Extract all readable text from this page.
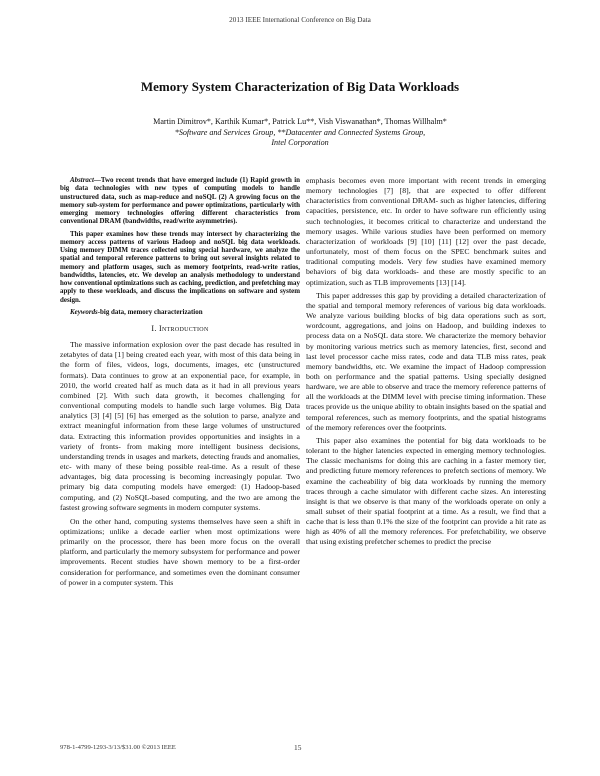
2013 IEEE International Conference on Big Data
Memory System Characterization of Big Data Workloads
Martin Dimitrov*, Karthik Kumar*, Patrick Lu**, Vish Viswanathan*, Thomas Willhalm*
*Software and Services Group, **Datacenter and Connected Systems Group,
Intel Corporation

Abstract—Two recent trends that have emerged include (1) Rapid growth in big data technologies with new types of computing models to handle unstructured data, such as map-reduce and noSQL (2) A growing focus on the memory sub-system for performance and power optimizations, particularly with emerging memory technologies offering different characteristics from conventional DRAM (bandwidths, read/write asymmetries).

This paper examines how these trends may intersect by characterizing the memory access patterns of various Hadoop and noSQL big data workloads. Using memory DIMM traces collected using special hardware, we analyze the spatial and temporal reference patterns to bring out several insights related to memory and platform usages, such as memory footprints, read-write ratios, bandwidths, latencies, etc. We develop an analysis methodology to understand how conventional optimizations such as caching, prediction, and prefetching may apply to these workloads, and discuss the implications on software and system design.

Keywords-big data, memory characterization

I. Introduction

The massive information explosion over the past decade has resulted in zetabytes of data [1] being created each year, with most of this data being in the form of files, videos, logs, documents, images, etc (unstructured formats). Data continues to grow at an exponential pace, for example, in 2010, the world created half as much data as it had in all previous years combined [2]. With such data growth, it becomes challenging for conventional computing models to handle such large volumes. Big Data analytics [3] [4] [5] [6] has emerged as the solution to parse, analyze and extract meaningful information from these large volumes of unstructured data. Extracting this information provides opportunities and insights in a variety of fronts- from making more intelligent business decisions, understanding trends in usages and markets, detecting frauds and anomalies, etc- with many of these being possible real-time. As a result of these advantages, big data processing is becoming increasingly popular. Two primary big data computing models have emerged: (1) Hadoop-based computing, and (2) NoSQL-based computing, and the two are among the fastest growing software segments in modern computer systems.

On the other hand, computing systems themselves have seen a shift in optimizations; unlike a decade earlier when most optimizations were primarily on the processor, there has been more focus on the overall platform, and particularly the memory subsystem for performance and power improvements. Recent studies have shown memory to be a first-order consideration for performance, and sometimes even the dominant consumer of power in a computer system. This

emphasis becomes even more important with recent trends in emerging memory technologies [7] [8], that are expected to offer different characteristics from conventional DRAM- such as higher latencies, differing capacities, persistence, etc. In order to have software run efficiently using such technologies, it becomes critical to characterize and understand the memory usages. While various studies have been performed on memory characterization of workloads [9] [10] [11] [12] over the past decade, unfortunately, most of them focus on the SPEC benchmark suites and traditional computing models. Very few studies have examined memory behaviors of big data workloads- and these are mostly specific to an optimization, such as TLB improvements [13] [14].

This paper addresses this gap by providing a detailed characterization of the spatial and temporal memory references of various big data workloads. We analyze various building blocks of big data operations such as sort, wordcount, aggregations, and joins on Hadoop, and building indexes to process data on a NoSQL data store. We characterize the memory behavior by monitoring various metrics such as memory latencies, first, second and last level processor cache miss rates, code and data TLB miss rates, peak memory bandwidths, etc. We examine the impact of Hadoop compression both on performance and the spatial patterns. Using specially designed hardware, we are able to observe and trace the memory reference patterns of all the workloads at the DIMM level with precise timing information. These traces provide us the unique ability to obtain insights based on the spatial and temporal references, such as memory footprints, and the spatial histograms of the memory references over the footprints.

This paper also examines the potential for big data workloads to be tolerant to the higher latencies expected in emerging memory technologies. The classic mechanisms for doing this are caching in a faster memory tier, and predicting future memory references to prefetch sections of memory. We examine the cacheability of big data workloads by running the memory traces through a cache simulator with different cache sizes. An interesting insight is that we observe is that many of the workloads operate on only a small subset of their spatial footprint at a time. As a result, we find that a cache that is less than 0.1% the size of the footprint can provide a hit rate as high as 40% of all the memory references. For prefetchability, we observe that using existing prefetcher schemes to predict the precise

978-1-4799-1293-3/13/$31.00 ©2013 IEEE	15
